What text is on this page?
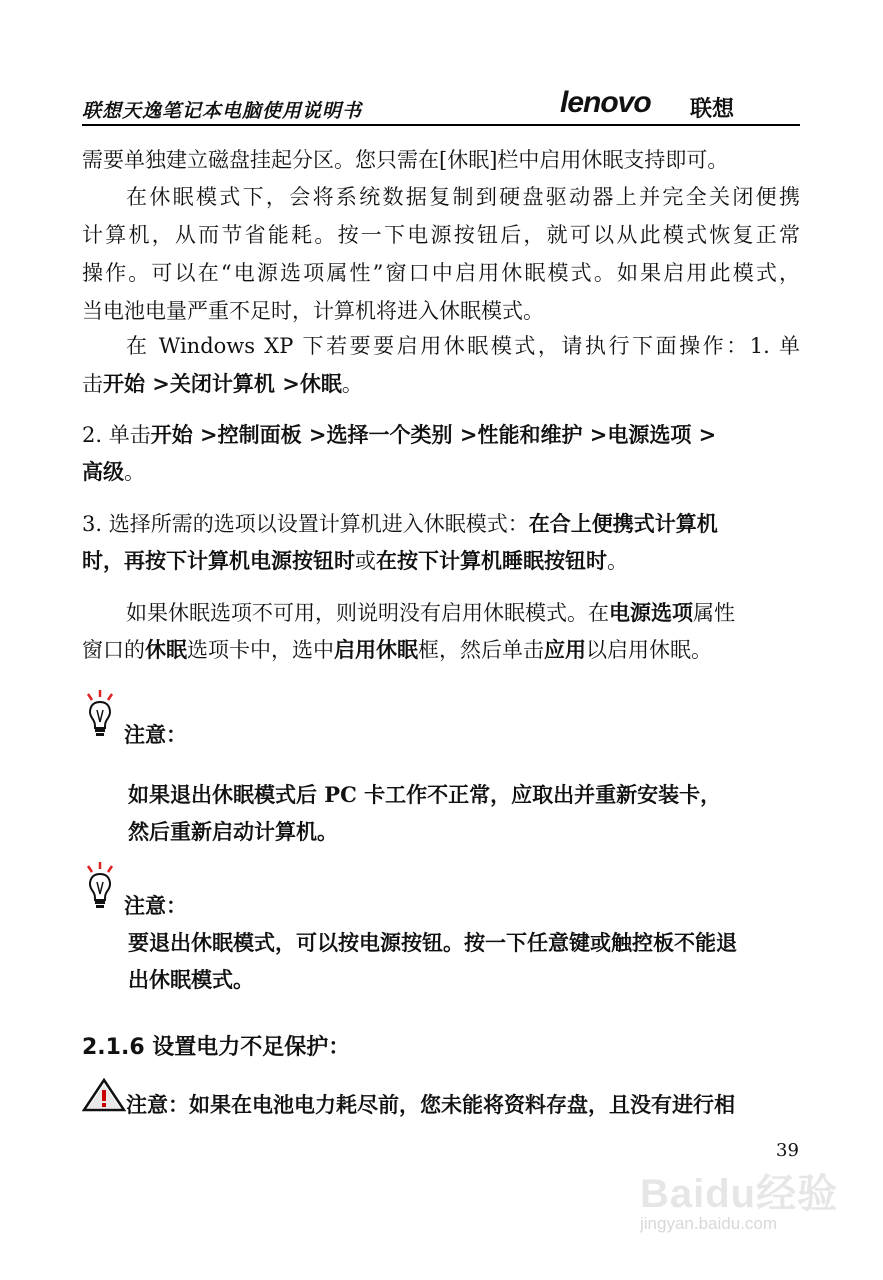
联想天逸笔记本电脑使用说明书	lenovo 联想
需要单独建立磁盘挂起分区。您只需在[休眠]栏中启用休眠支持即可。
在休眠模式下，会将系统数据复制到硬盘驱动器上并完全关闭便携
计算机，从而节省能耗。按一下电源按钮后，就可以从此模式恢复正常
操作。可以在“电源选项属性”窗口中启用休眠模式。如果启用此模式，
当电池电量严重不足时，计算机将进入休眠模式。
在 Windows XP 下若要要启用休眠模式，请执行下面操作：1. 单
击开始 >关闭计算机 >休眠。
2. 单击开始 >控制面板 >选择一个类别 >性能和维护 >电源选项 >
高级。
3. 选择所需的选项以设置计算机进入休眠模式：在合上便携式计算机
时，再按下计算机电源按钮时或在按下计算机睡眠按钮时。
如果休眠选项不可用，则说明没有启用休眠模式。在电源选项属性
窗口的休眠选项卡中，选中启用休眠框，然后单击应用以启用休眠。
注意：
如果退出休眠模式后 PC 卡工作不正常，应取出并重新安装卡，
然后重新启动计算机。
注意：
要退出休眠模式，可以按电源按钮。按一下任意键或触控板不能退
出休眠模式。
2.1.6 设置电力不足保护：
注意：如果在电池电力耗尽前，您未能将资料存盘，且没有进行相
39
Baidu经验
jingyan.baidu.com
